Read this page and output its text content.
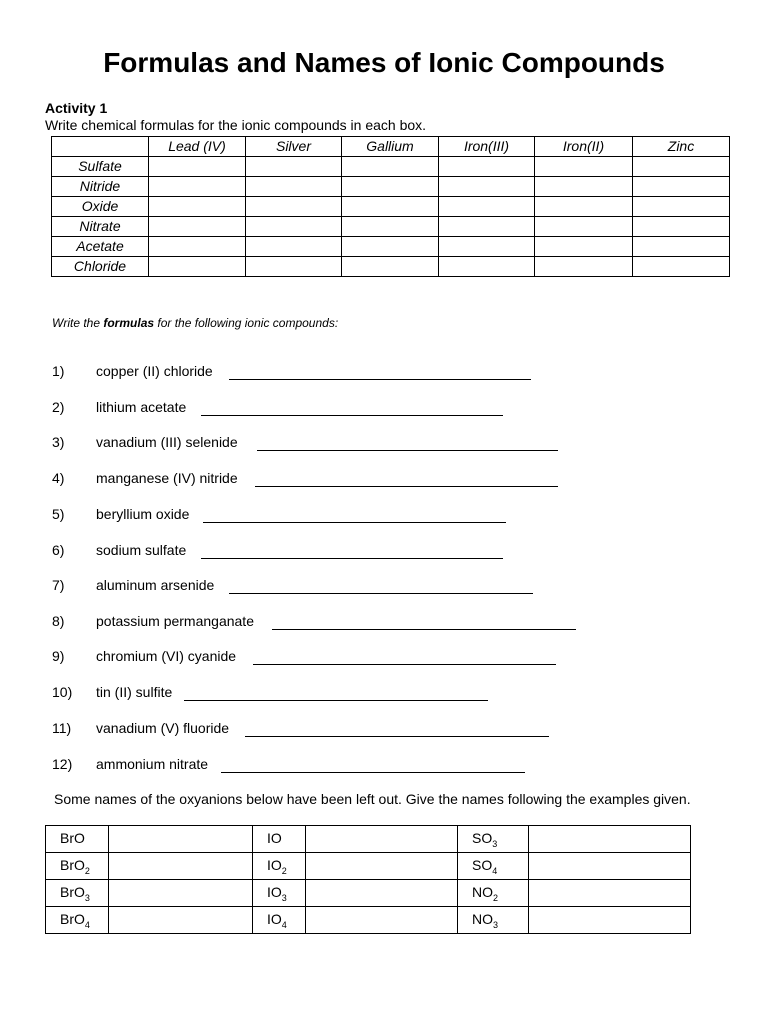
Formulas and Names of Ionic Compounds
Activity 1
Write chemical formulas for the ionic compounds in each box.
	Lead (IV)	Silver	Gallium	Iron(III)	Iron(II)	Zinc
Sulfate						
Nitride						
Oxide						
Nitrate						
Acetate						
Chloride						
Write the formulas for the following ionic compounds:
1) copper (II) chloride
2) lithium acetate
3) vanadium (III) selenide
4) manganese (IV) nitride
5) beryllium oxide
6) sodium sulfate
7) aluminum arsenide
8) potassium permanganate
9) chromium (VI) cyanide
10) tin (II) sulfite
11) vanadium (V) fluoride
12) ammonium nitrate
Some names of the oxyanions below have been left out. Give the names following the examples given.
BrO		IO		$SO_3$	
BrO$_2$		$IO_2$		$SO_4$	
BrO$_3$		$IO_3$		$NO_2$	
BrO$_4$		$IO_4$		$NO_3$	
